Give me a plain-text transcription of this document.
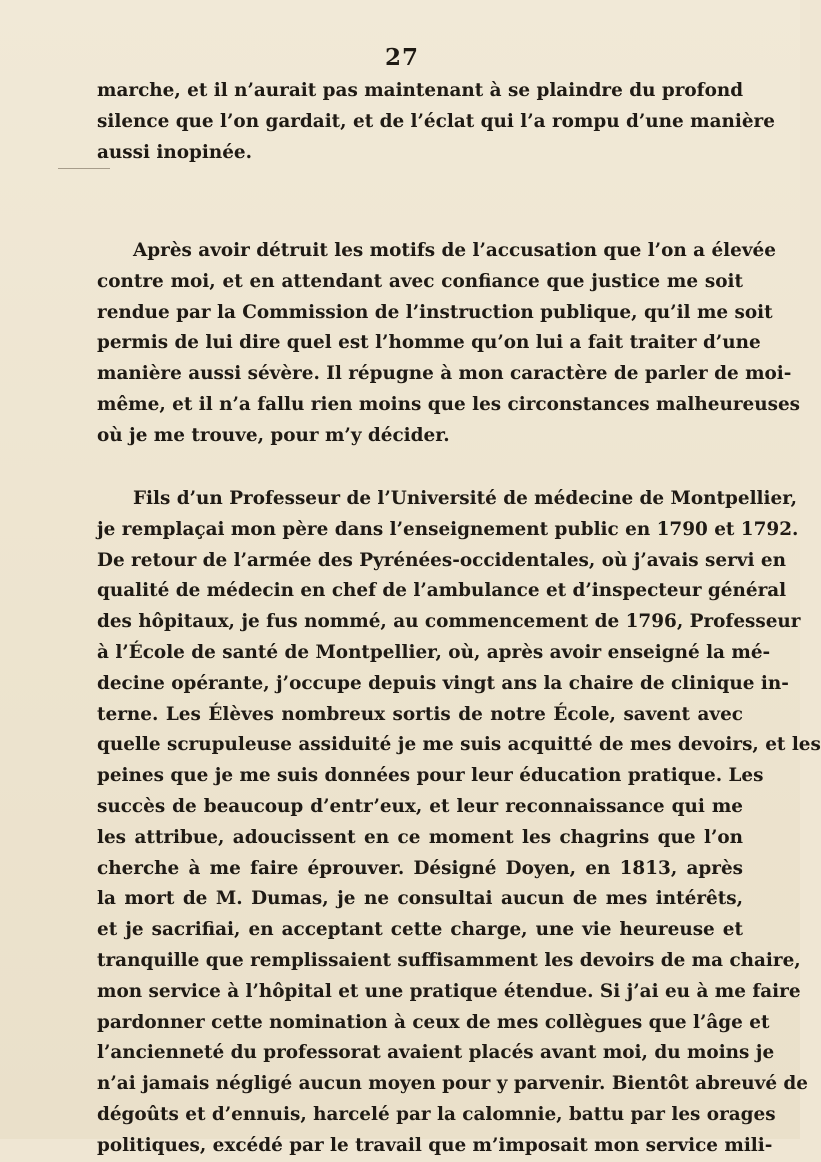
27
marche, et il n’aurait pas maintenant à se plaindre du profond
silence que l’on gardait, et de l’éclat qui l’a rompu d’une manière
aussi inopinée.
Après avoir détruit les motifs de l’accusation que l’on a élevée
contre moi, et en attendant avec confiance que justice me soit
rendue par la Commission de l’instruction publique, qu’il me soit
permis de lui dire quel est l’homme qu’on lui a fait traiter d’une
manière aussi sévère. Il répugne à mon caractère de parler de moi-
même, et il n’a fallu rien moins que les circonstances malheureuses
où je me trouve, pour m’y décider.
Fils d’un Professeur de l’Université de médecine de Montpellier,
je remplaçai mon père dans l’enseignement public en 1790 et 1792.
De retour de l’armée des Pyrénées-occidentales, où j’avais servi en
qualité de médecin en chef de l’ambulance et d’inspecteur général
des hôpitaux, je fus nommé, au commencement de 1796, Professeur
à l’École de santé de Montpellier, où, après avoir enseigné la mé-
decine opérante, j’occupe depuis vingt ans la chaire de clinique in-
terne. Les Élèves nombreux sortis de notre École, savent avec
quelle scrupuleuse assiduité je me suis acquitté de mes devoirs, et les
peines que je me suis données pour leur éducation pratique. Les
succès de beaucoup d’entr’eux, et leur reconnaissance qui me
les attribue, adoucissent en ce moment les chagrins que l’on
cherche à me faire éprouver. Désigné Doyen, en 1813, après
la mort de M. Dumas, je ne consultai aucun de mes intérêts,
et je sacrifiai, en acceptant cette charge, une vie heureuse et
tranquille que remplissaient suffisamment les devoirs de ma chaire,
mon service à l’hôpital et une pratique étendue. Si j’ai eu à me faire
pardonner cette nomination à ceux de mes collègues que l’âge et
l’ancienneté du professorat avaient placés avant moi, du moins je
n’ai jamais négligé aucun moyen pour y parvenir. Bientôt abreuvé de
dégoûts et d’ennuis, harcelé par la calomnie, battu par les orages
politiques, excédé par le travail que m’imposait mon service mili-
